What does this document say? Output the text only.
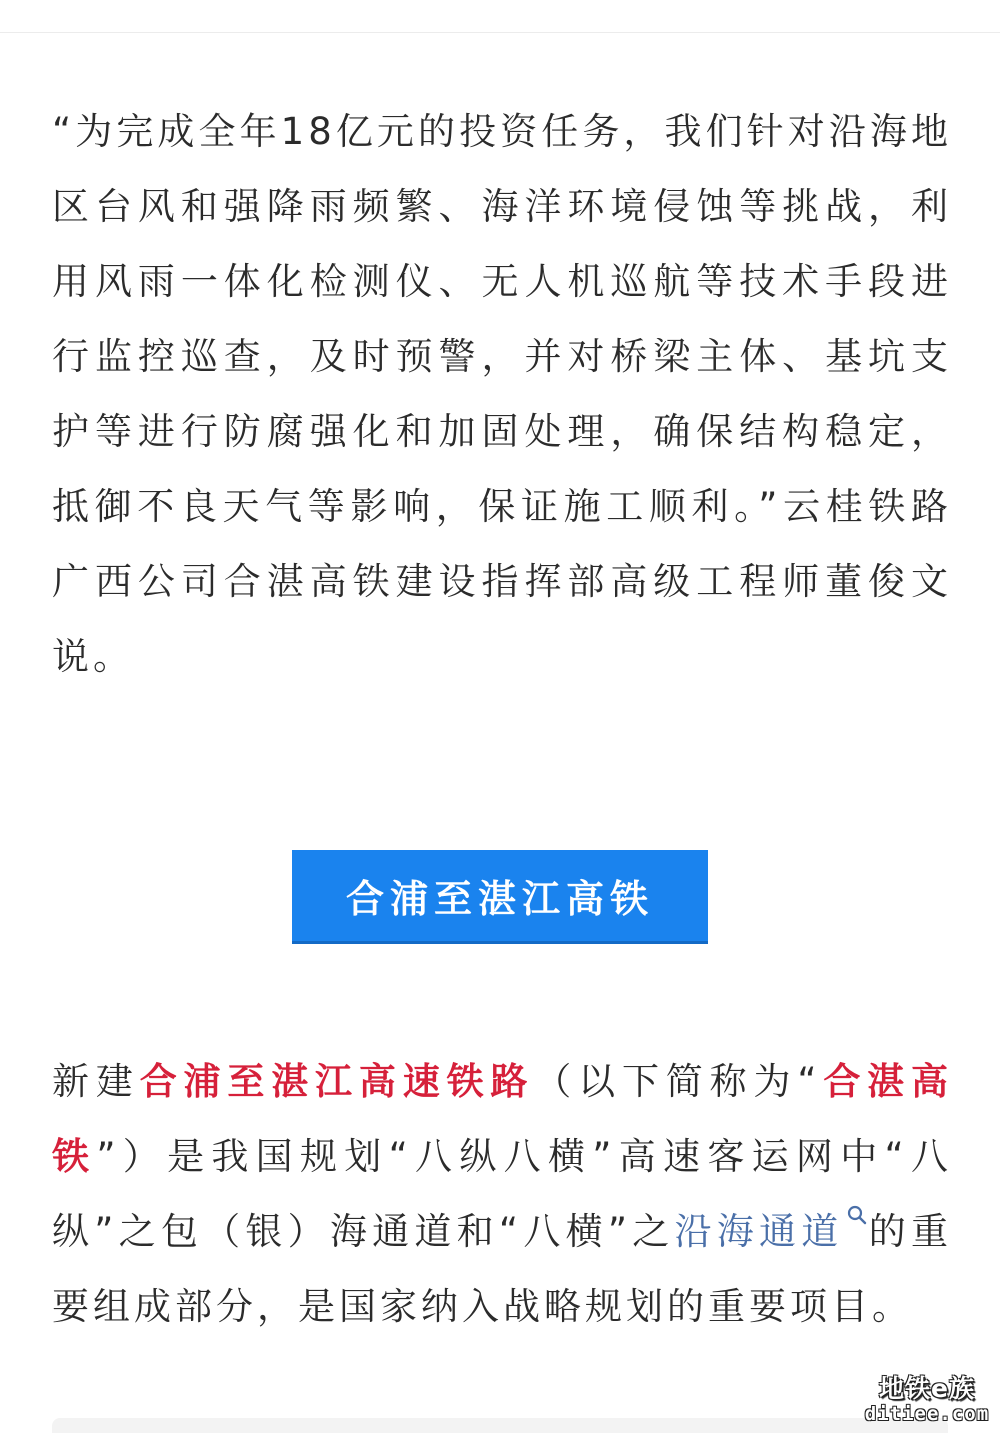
“为完成全年18亿元的投资任务，我们针对沿海地区台风和强降雨频繁、海洋环境侵蚀等挑战，利用风雨一体化检测仪、无人机巡航等技术手段进行监控巡查，及时预警，并对桥梁主体、基坑支护等进行防腐强化和加固处理，确保结构稳定，抵御不良天气等影响，保证施工顺利。”云桂铁路广西公司合湛高铁建设指挥部高级工程师董俊文说。

合浦至湛江高铁

新建合浦至湛江高速铁路（以下简称为“合湛高铁”）是我国规划“八纵八横”高速客运网中“八纵”之包（银）海通道和“八横”之沿海通道 的重要组成部分，是国家纳入战略规划的重要项目。

地铁e族
ditiee.com
